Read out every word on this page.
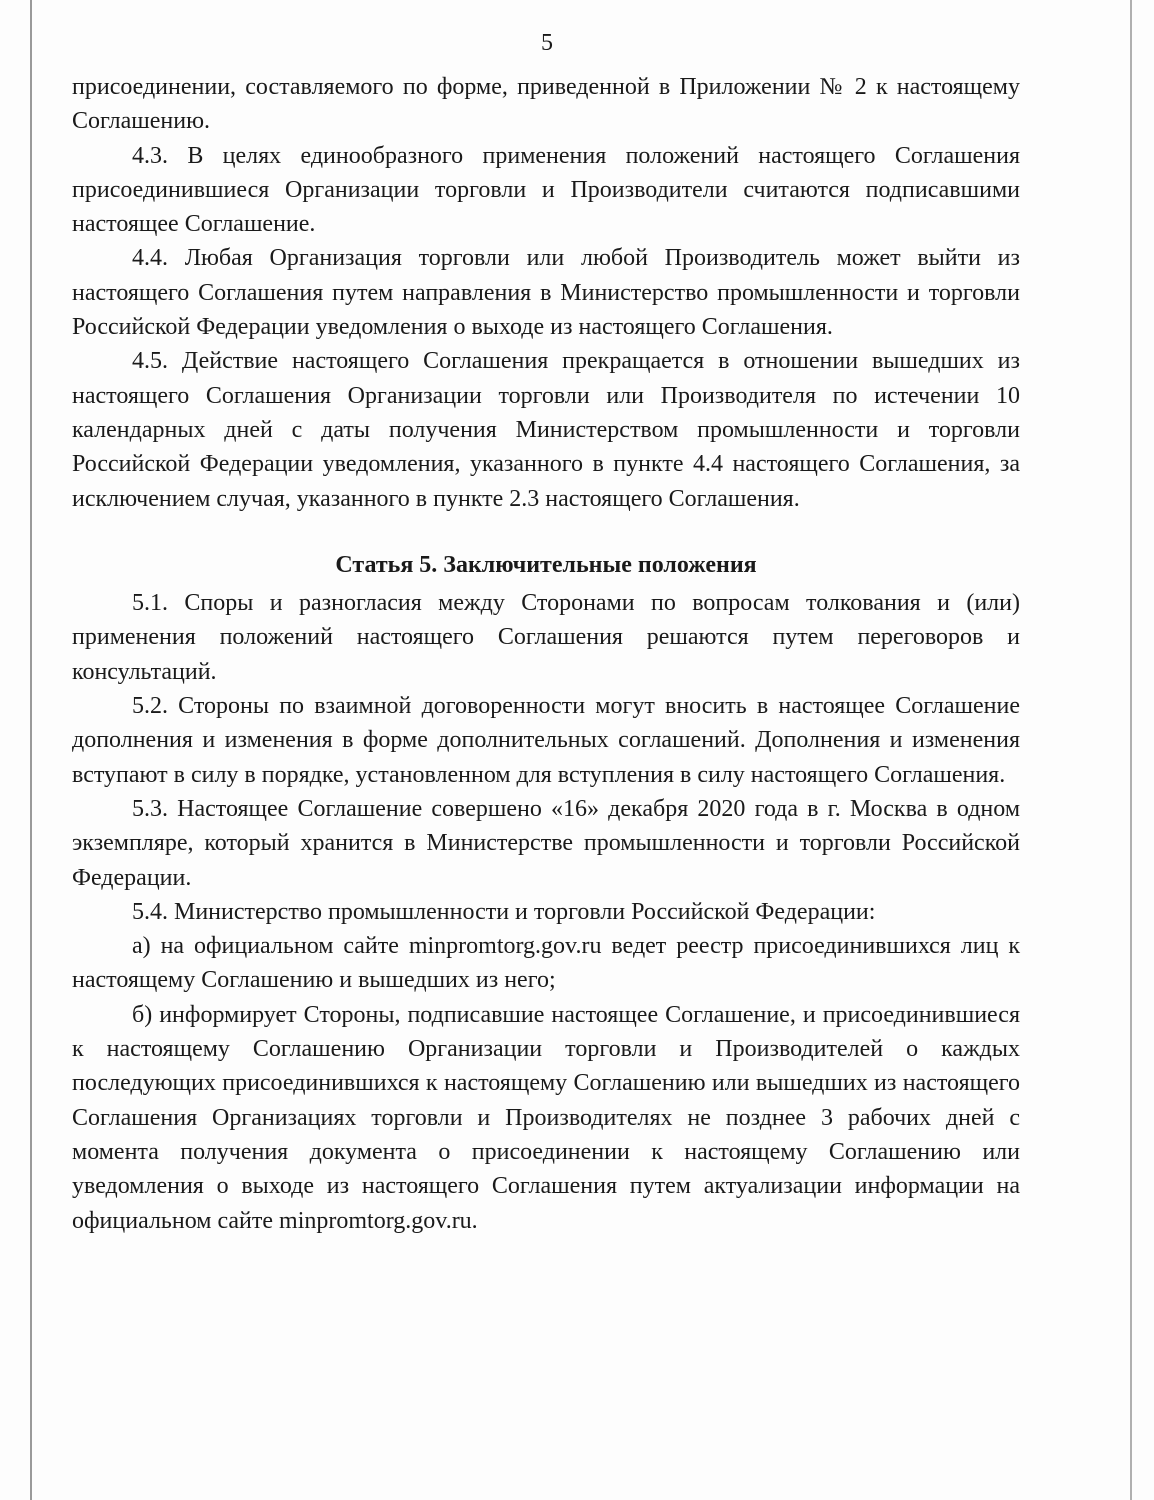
5

присоединении, составляемого по форме, приведенной в Приложении № 2 к настоящему Соглашению.

4.3. В целях единообразного применения положений настоящего Соглашения присоединившиеся Организации торговли и Производители считаются подписавшими настоящее Соглашение.

4.4. Любая Организация торговли или любой Производитель может выйти из настоящего Соглашения путем направления в Министерство промышленности и торговли Российской Федерации уведомления о выходе из настоящего Соглашения.

4.5. Действие настоящего Соглашения прекращается в отношении вышедших из настоящего Соглашения Организации торговли или Производителя по истечении 10 календарных дней с даты получения Министерством промышленности и торговли Российской Федерации уведомления, указанного в пункте 4.4 настоящего Соглашения, за исключением случая, указанного в пункте 2.3 настоящего Соглашения.

Статья 5. Заключительные положения

5.1. Споры и разногласия между Сторонами по вопросам толкования и (или) применения положений настоящего Соглашения решаются путем переговоров и консультаций.

5.2. Стороны по взаимной договоренности могут вносить в настоящее Соглашение дополнения и изменения в форме дополнительных соглашений. Дополнения и изменения вступают в силу в порядке, установленном для вступления в силу настоящего Соглашения.

5.3. Настоящее Соглашение совершено «16» декабря 2020 года в г. Москва в одном экземпляре, который хранится в Министерстве промышленности и торговли Российской Федерации.

5.4. Министерство промышленности и торговли Российской Федерации:

а) на официальном сайте minpromtorg.gov.ru ведет реестр присоединившихся лиц к настоящему Соглашению и вышедших из него;

б) информирует Стороны, подписавшие настоящее Соглашение, и присоединившиеся к настоящему Соглашению Организации торговли и Производителей о каждых последующих присоединившихся к настоящему Соглашению или вышедших из настоящего Соглашения Организациях торговли и Производителях не позднее 3 рабочих дней с момента получения документа о присоединении к настоящему Соглашению или уведомления о выходе из настоящего Соглашения путем актуализации информации на официальном сайте minpromtorg.gov.ru.
